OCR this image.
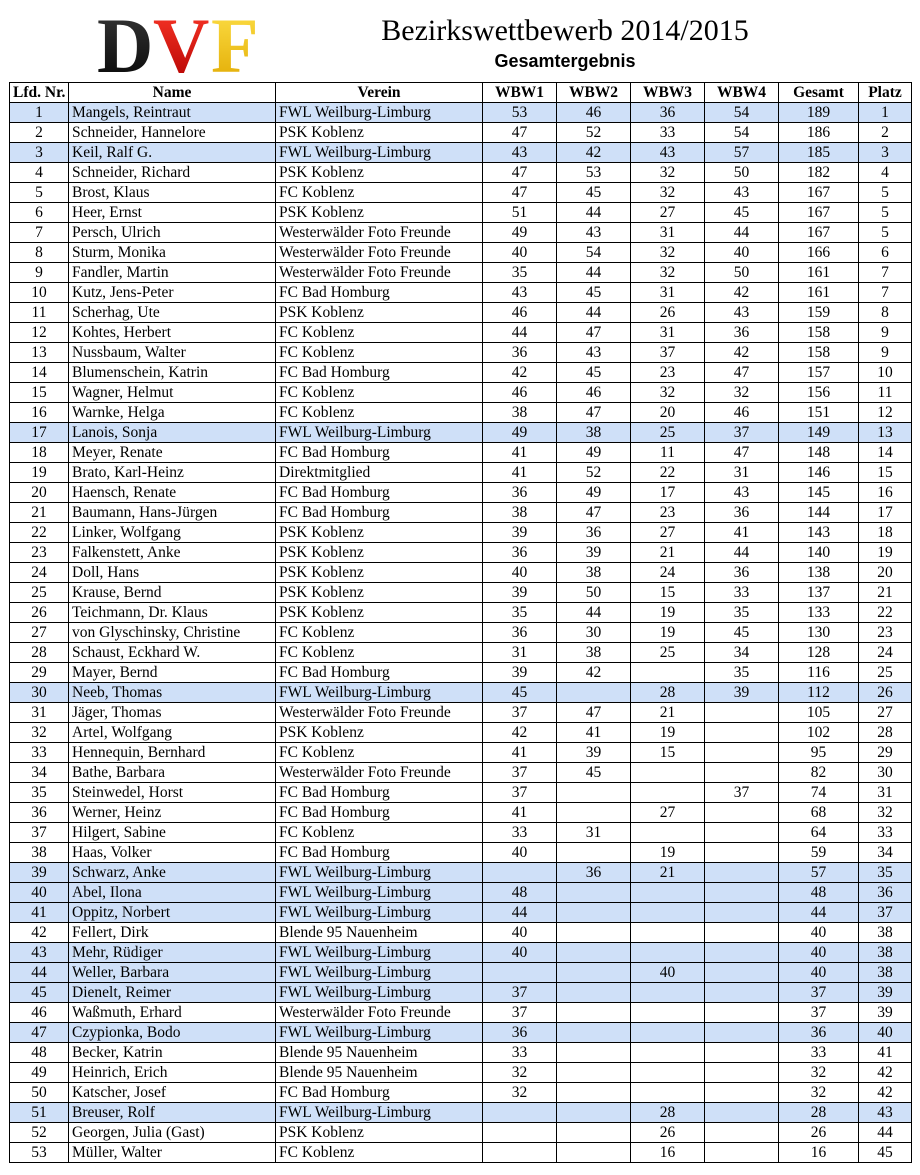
D V F	Bezirkswettbewerb 2014/2015
Gesamtergebnis
Lfd. Nr.	Name	Verein	WBW1	WBW2	WBW3	WBW4	Gesamt	Platz
1	Mangels, Reintraut	FWL Weilburg-Limburg	53	46	36	54	189	1
2	Schneider, Hannelore	PSK Koblenz	47	52	33	54	186	2
3	Keil, Ralf G.	FWL Weilburg-Limburg	43	42	43	57	185	3
4	Schneider, Richard	PSK Koblenz	47	53	32	50	182	4
5	Brost, Klaus	FC Koblenz	47	45	32	43	167	5
6	Heer, Ernst	PSK Koblenz	51	44	27	45	167	5
7	Persch, Ulrich	Westerwälder Foto Freunde	49	43	31	44	167	5
8	Sturm, Monika	Westerwälder Foto Freunde	40	54	32	40	166	6
9	Fandler, Martin	Westerwälder Foto Freunde	35	44	32	50	161	7
10	Kutz, Jens-Peter	FC Bad Homburg	43	45	31	42	161	7
11	Scherhag, Ute	PSK Koblenz	46	44	26	43	159	8
12	Kohtes, Herbert	FC Koblenz	44	47	31	36	158	9
13	Nussbaum, Walter	FC Koblenz	36	43	37	42	158	9
14	Blumenschein, Katrin	FC Bad Homburg	42	45	23	47	157	10
15	Wagner, Helmut	FC Koblenz	46	46	32	32	156	11
16	Warnke, Helga	FC Koblenz	38	47	20	46	151	12
17	Lanois, Sonja	FWL Weilburg-Limburg	49	38	25	37	149	13
18	Meyer, Renate	FC Bad Homburg	41	49	11	47	148	14
19	Brato, Karl-Heinz	Direktmitglied	41	52	22	31	146	15
20	Haensch, Renate	FC Bad Homburg	36	49	17	43	145	16
21	Baumann, Hans-Jürgen	FC Bad Homburg	38	47	23	36	144	17
22	Linker, Wolfgang	PSK Koblenz	39	36	27	41	143	18
23	Falkenstett, Anke	PSK Koblenz	36	39	21	44	140	19
24	Doll, Hans	PSK Koblenz	40	38	24	36	138	20
25	Krause, Bernd	PSK Koblenz	39	50	15	33	137	21
26	Teichmann, Dr. Klaus	PSK Koblenz	35	44	19	35	133	22
27	von Glyschinsky, Christine	FC Koblenz	36	30	19	45	130	23
28	Schaust, Eckhard W.	FC Koblenz	31	38	25	34	128	24
29	Mayer, Bernd	FC Bad Homburg	39	42		35	116	25
30	Neeb, Thomas	FWL Weilburg-Limburg	45		28	39	112	26
31	Jäger, Thomas	Westerwälder Foto Freunde	37	47	21		105	27
32	Artel, Wolfgang	PSK Koblenz	42	41	19		102	28
33	Hennequin, Bernhard	FC Koblenz	41	39	15		95	29
34	Bathe, Barbara	Westerwälder Foto Freunde	37	45			82	30
35	Steinwedel, Horst	FC Bad Homburg	37			37	74	31
36	Werner, Heinz	FC Bad Homburg	41		27		68	32
37	Hilgert, Sabine	FC Koblenz	33	31			64	33
38	Haas, Volker	FC Bad Homburg	40		19		59	34
39	Schwarz, Anke	FWL Weilburg-Limburg		36	21		57	35
40	Abel, Ilona	FWL Weilburg-Limburg	48				48	36
41	Oppitz, Norbert	FWL Weilburg-Limburg	44				44	37
42	Fellert, Dirk	Blende 95 Nauenheim	40				40	38
43	Mehr, Rüdiger	FWL Weilburg-Limburg	40				40	38
44	Weller, Barbara	FWL Weilburg-Limburg			40		40	38
45	Dienelt, Reimer	FWL Weilburg-Limburg	37				37	39
46	Waßmuth, Erhard	Westerwälder Foto Freunde	37				37	39
47	Czypionka, Bodo	FWL Weilburg-Limburg	36				36	40
48	Becker, Katrin	Blende 95 Nauenheim	33				33	41
49	Heinrich, Erich	Blende 95 Nauenheim	32				32	42
50	Katscher, Josef	FC Bad Homburg	32				32	42
51	Breuser, Rolf	FWL Weilburg-Limburg			28		28	43
52	Georgen, Julia (Gast)	PSK Koblenz			26		26	44
53	Müller, Walter	FC Koblenz			16		16	45
